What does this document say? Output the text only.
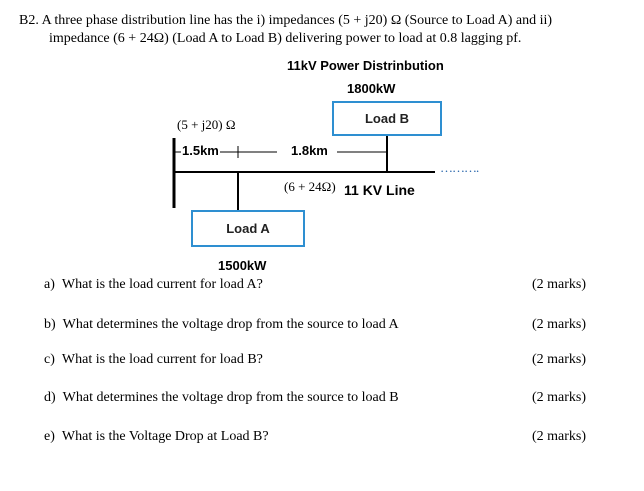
B2. A three phase distribution line has the i) impedances (5 + j20) Ω (Source to Load A) and ii)
impedance (6 + 24Ω) (Load A to Load B) delivering power to load at 0.8 lagging pf.
11kV Power Distrinbution
1800kW
Load B
Load A
(5 + j20) Ω
1.5km	1.8km
(6 + 24Ω) 11 KV Line
……….
1500kW
a) What is the load current for load A?	(2 marks)
b) What determines the voltage drop from the source to load A	(2 marks)
c) What is the load current for load B?	(2 marks)
d) What determines the voltage drop from the source to load B	(2 marks)
e) What is the Voltage Drop at Load B?	(2 marks)
